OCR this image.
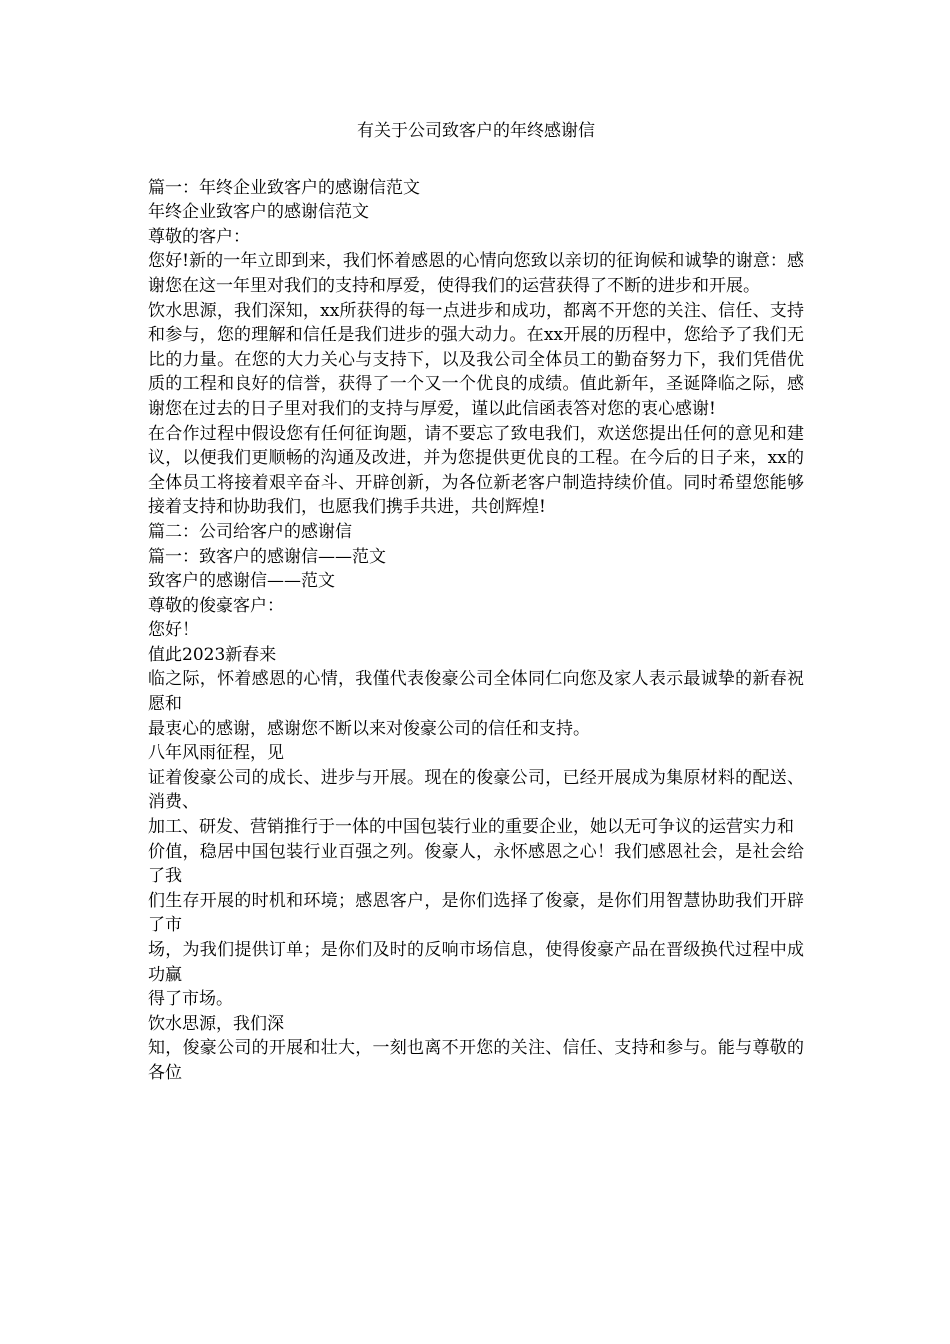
有关于公司致客户的年终感谢信

篇一：年终企业致客户的感谢信范文

年终企业致客户的感谢信范文

尊敬的客户：

您好!新的一年立即到来，我们怀着感恩的心情向您致以亲切的征询候和诚挚的谢意：感谢您在这一年里对我们的支持和厚爱，使得我们的运营获得了不断的进步和开展。

饮水思源，我们深知，xx所获得的每一点进步和成功，都离不开您的关注、信任、支持和参与，您的理解和信任是我们进步的强大动力。在xx开展的历程中，您给予了我们无比的力量。在您的大力关心与支持下，以及我公司全体员工的勤奋努力下，我们凭借优质的工程和良好的信誉，获得了一个又一个优良的成绩。值此新年，圣诞降临之际，感谢您在过去的日子里对我们的支持与厚爱，谨以此信函表答对您的衷心感谢!

在合作过程中假设您有任何征询题，请不要忘了致电我们，欢送您提出任何的意见和建议，以便我们更顺畅的沟通及改进，并为您提供更优良的工程。在今后的日子来，xx的全体员工将接着艰辛奋斗、开辟创新，为各位新老客户制造持续价值。同时希望您能够接着支持和协助我们，也愿我们携手共进，共创辉煌!

篇二：公司给客户的感谢信

篇一：致客户的感谢信——范文

致客户的感谢信——范文

尊敬的俊豪客户：

您好！

值此2023新春来

临之际，怀着感恩的心情，我僅代表俊豪公司全体同仁向您及家人表示最诚挚的新春祝愿和

最衷心的感谢，感谢您不断以来对俊豪公司的信任和支持。

八年风雨征程，见

证着俊豪公司的成长、进步与开展。现在的俊豪公司，已经开展成为集原材料的配送、消费、

加工、研发、营销推行于一体的中国包装行业的重要企业，她以无可争议的运营实力和

价值，稳居中国包装行业百强之列。俊豪人，永怀感恩之心！我们感恩社会，是社会给了我

们生存开展的时机和环境；感恩客户，是你们选择了俊豪，是你们用智慧协助我们开辟了市

场，为我们提供订单；是你们及时的反响市场信息，使得俊豪产品在晋级换代过程中成功赢

得了市场。

饮水思源，我们深

知，俊豪公司的开展和壮大，一刻也离不开您的关注、信任、支持和参与。能与尊敬的各位
